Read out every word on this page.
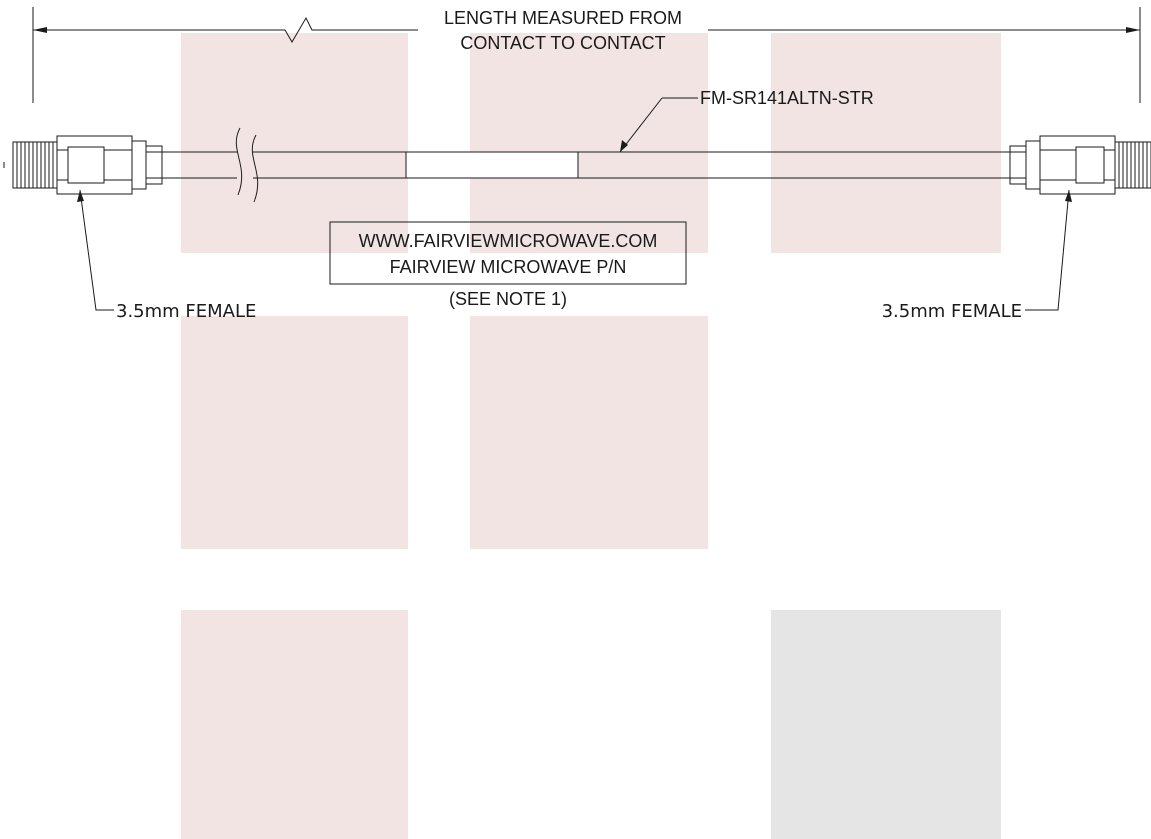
LENGTH MEASURED FROM
CONTACT TO CONTACT
FM-SR141ALTN-STR
WWW.FAIRVIEWMICROWAVE.COM
FAIRVIEW MICROWAVE P/N
(SEE NOTE 1)
3.5mm FEMALE	3.5mm FEMALE
